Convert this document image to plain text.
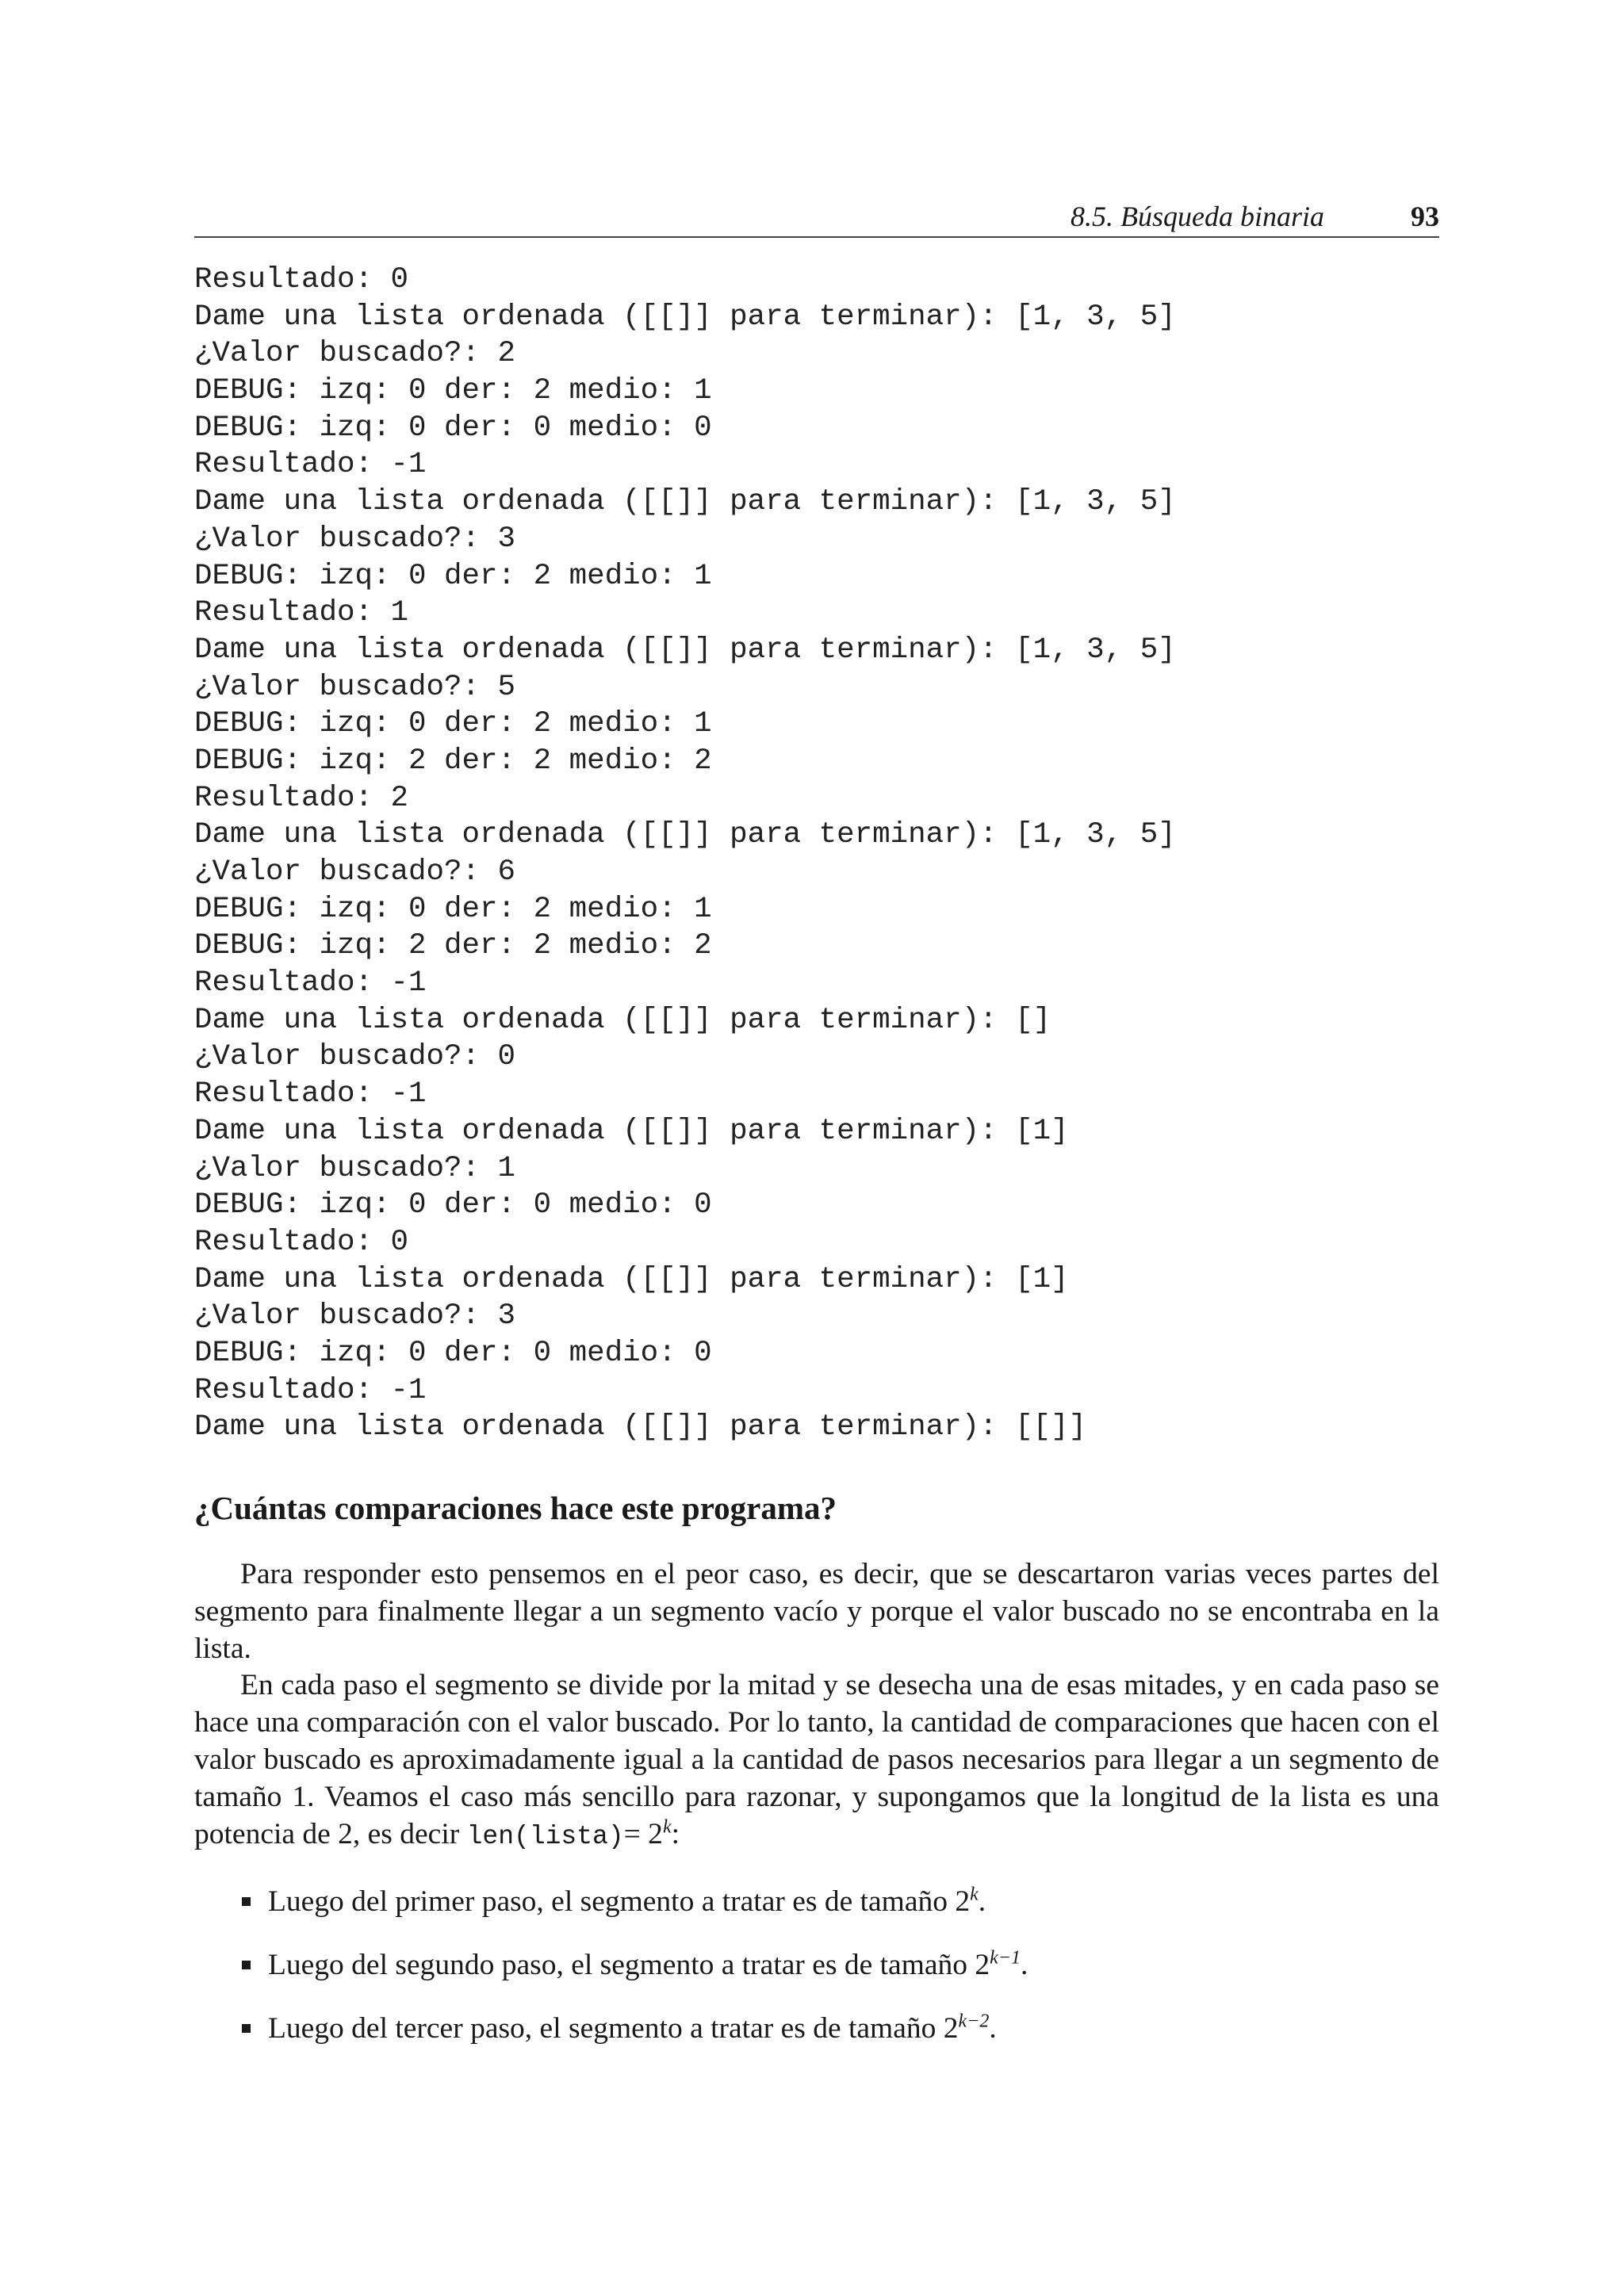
8.5. Búsqueda binaria	93
Resultado: 0
Dame una lista ordenada ([[]] para terminar): [1, 3, 5]
¿Valor buscado?: 2
DEBUG: izq: 0 der: 2 medio: 1
DEBUG: izq: 0 der: 0 medio: 0
Resultado: -1
Dame una lista ordenada ([[]] para terminar): [1, 3, 5]
¿Valor buscado?: 3
DEBUG: izq: 0 der: 2 medio: 1
Resultado: 1
Dame una lista ordenada ([[]] para terminar): [1, 3, 5]
¿Valor buscado?: 5
DEBUG: izq: 0 der: 2 medio: 1
DEBUG: izq: 2 der: 2 medio: 2
Resultado: 2
Dame una lista ordenada ([[]] para terminar): [1, 3, 5]
¿Valor buscado?: 6
DEBUG: izq: 0 der: 2 medio: 1
DEBUG: izq: 2 der: 2 medio: 2
Resultado: -1
Dame una lista ordenada ([[]] para terminar): []
¿Valor buscado?: 0
Resultado: -1
Dame una lista ordenada ([[]] para terminar): [1]
¿Valor buscado?: 1
DEBUG: izq: 0 der: 0 medio: 0
Resultado: 0
Dame una lista ordenada ([[]] para terminar): [1]
¿Valor buscado?: 3
DEBUG: izq: 0 der: 0 medio: 0
Resultado: -1
Dame una lista ordenada ([[]] para terminar): [[]]
¿Cuántas comparaciones hace este programa?

Para responder esto pensemos en el peor caso, es decir, que se descartaron varias veces partes del segmento para finalmente llegar a un segmento vacío y porque el valor buscado no se encontraba en la lista.

En cada paso el segmento se divide por la mitad y se desecha una de esas mitades, y en cada paso se hace una comparación con el valor buscado. Por lo tanto, la cantidad de comparaciones que hacen con el valor buscado es aproximadamente igual a la cantidad de pasos necesarios para llegar a un segmento de tamaño 1. Veamos el caso más sencillo para razonar, y supongamos que la longitud de la lista es una potencia de 2, es decir len(lista)= $2^k$:

Luego del primer paso, el segmento a tratar es de tamaño 2$^k$.
Luego del segundo paso, el segmento a tratar es de tamaño $2^{k-1}$.
Luego del tercer paso, el segmento a tratar es de tamaño $2^{k-2}$.
